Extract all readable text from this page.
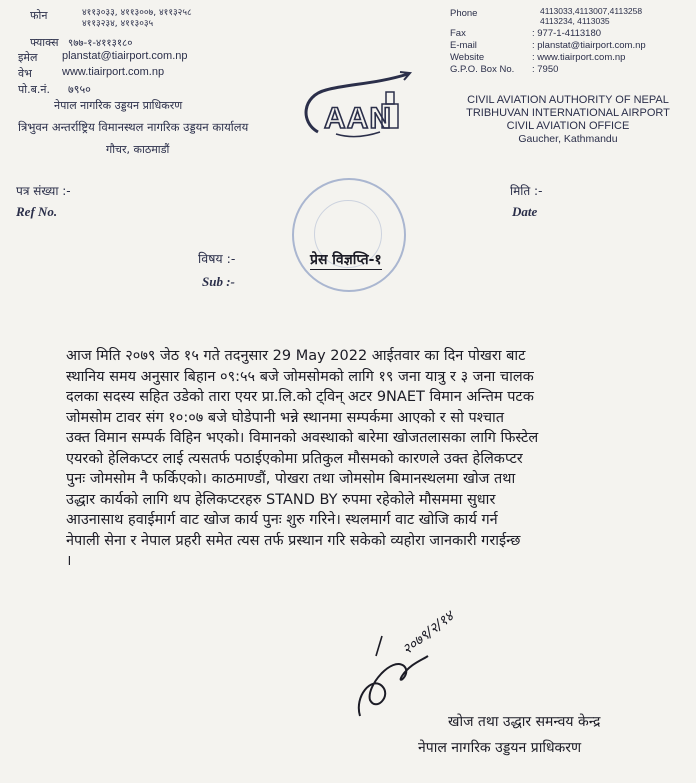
फोन	४११३०३३, ४११३००७, ४११३२५८
४११३२३४, ४११३०३५
फ्याक्स ९७७-१-४११३१८०
इमेल planstat@tiairport.com.np
वेभ	www.tiairport.com.np
पो.ब.नं. ७९५०
नेपाल नागरिक उड्डयन प्राधिकरण
त्रिभुवन अन्तर्राष्ट्रिय विमानस्थल नागरिक उड्डयन कार्यालय
गौचर, काठमाडौं
AAN
Phone	4113033,4113007,4113258
4113234, 4113035
Fax	: 977-1-4113180
E-mail	: planstat@tiairport.com.np
Website	: www.tiairport.com.np
G.P.O. Box No. : 7950
CIVIL AVIATION AUTHORITY OF NEPAL
TRIBHUVAN INTERNATIONAL AIRPORT
CIVIL AVIATION OFFICE
Gaucher, Kathmandu
पत्र संख्या :-
Ref No.
मिति :-
Date
विषय :-
Sub :-
प्रेस विज्ञप्ति-१
आज मिति २०७९ जेठ १५ गते तदनुसार 29 May 2022 आईतवार का दिन पोखरा बाट
स्थानिय समय अनुसार बिहान ०९:५५ बजे जोमसोमको लागि १९ जना यात्रु र ३ जना चालक
दलका सदस्य सहित उडेको तारा एयर प्रा.लि.को ट्विन् अटर 9NAET विमान अन्तिम पटक
जोमसोम टावर संग १०:०७ बजे घोडेपानी भन्ने स्थानमा सम्पर्कमा आएको र सो पश्चात
उक्त विमान सम्पर्क विहिन भएको। विमानको अवस्थाको बारेमा खोजतलासका लागि फिस्टेल
एयरको हेलिकप्टर लाई त्यसतर्फ पठाईएकोमा प्रतिकुल मौसमको कारणले उक्त हेलिकप्टर
पुनः जोमसोम नै फर्किएको। काठमाण्डौं, पोखरा तथा जोमसोम बिमानस्थलमा खोज तथा
उद्धार कार्यको लागि थप हेलिकप्टरहरु STAND BY रुपमा रहेकोले मौसममा सुधार
आउनासाथ हवाईमार्ग वाट खोज कार्य पुनः शुरु गरिने। स्थलमार्ग वाट खोजि कार्य गर्न
नेपाली सेना र नेपाल प्रहरी समेत त्यस तर्फ प्रस्थान गरि सकेको व्यहोरा जानकारी गराईन्छ
।
२०७९/२/१४
खोज तथा उद्धार समन्वय केन्द्र
नेपाल नागरिक उड्डयन प्राधिकरण
